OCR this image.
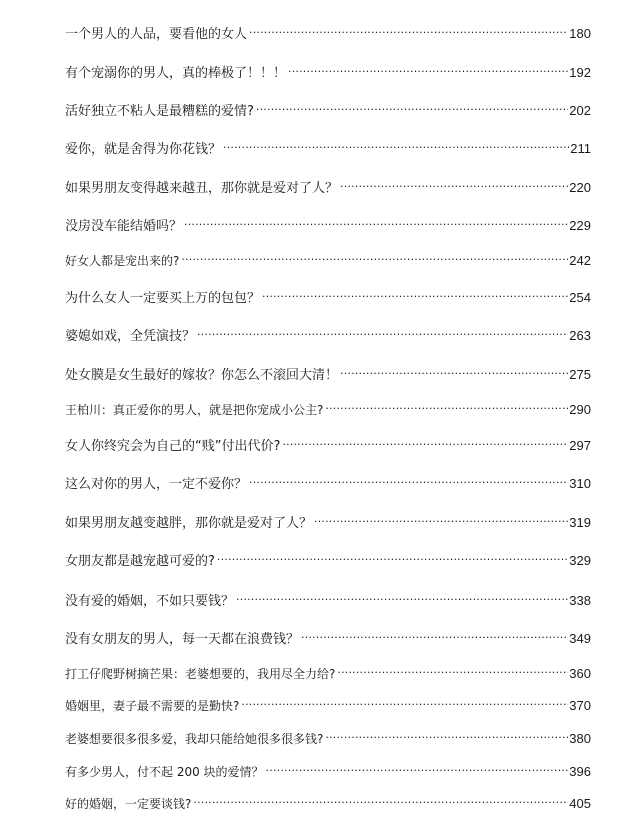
一个男人的人品，要看他的女人 .....	180
有个宠溺你的男人，真的棒极了！！！ .....	192
活好独立不粘人是最糟糕的爱情? .....	202
爱你，就是舍得为你花钱？ .....	211
如果男朋友变得越来越丑，那你就是爱对了人？ .....	220
没房没车能结婚吗？ .....	229
好女人都是宠出来的? .....	242
为什么女人一定要买上万的包包？ .....	254
婆媳如戏，全凭演技？ .....	263
处女膜是女生最好的嫁妆？你怎么不滚回大清！ .....	275
王柏川：真正爱你的男人，就是把你宠成小公主? .....	290
女人你终究会为自己的“贱”付出代价? .....	297
这么对你的男人，一定不爱你？ .....	310
如果男朋友越变越胖，那你就是爱对了人？ .....	319
女朋友都是越宠越可爱的? .....	329
没有爱的婚姻，不如只要钱？ .....	338
没有女朋友的男人，每一天都在浪费钱？ .....	349
打工仔爬野树摘芒果：老婆想要的，我用尽全力给? .....	360
婚姻里，妻子最不需要的是勤快? .....	370
老婆想要很多很多爱，我却只能给她很多很多钱? .....	380
有多少男人，付不起 200 块的爱情？ .....	396
好的婚姻，一定要谈钱? .....	405
